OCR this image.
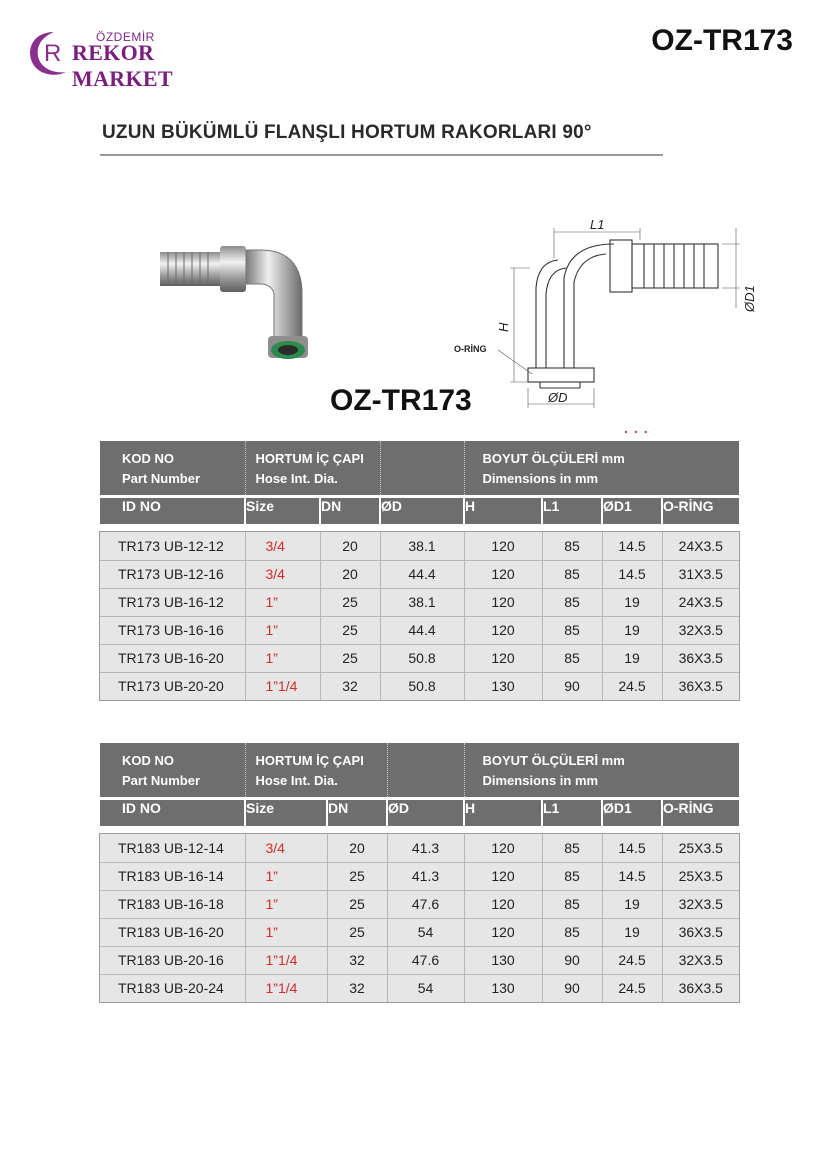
R
ÖZDEMİR
REKOR MARKET
OZ-TR173
UZUN BÜKÜMLÜ FLANŞLI HORTUM RAKORLARI 90°
L1
H
ØD1
ØD
O-RİNG
OZ-TR173
...
KOD NO
Part Number	HORTUM İÇ ÇAPI
Hose Int. Dia.			BOYUT ÖLÇÜLERİ mm
Dimensions in mm			

ID NO	Size	DN	ØD	H	L1	ØD1	O-RİNG

TR173 UB-12-12	3/4	20	38.1	120	85	14.5	24X3.5
TR173 UB-12-16	3/4	20	44.4	120	85	14.5	31X3.5
TR173 UB-16-12	1”	25	38.1	120	85	19	24X3.5
TR173 UB-16-16	1”	25	44.4	120	85	19	32X3.5
TR173 UB-16-20	1”	25	50.8	120	85	19	36X3.5
TR173 UB-20-20	1”1/4	32	50.8	130	90	24.5	36X3.5
KOD NO
Part Number	HORTUM İÇ ÇAPI
Hose Int. Dia.			BOYUT ÖLÇÜLERİ mm
Dimensions in mm			

ID NO	Size	DN	ØD	H	L1	ØD1	O-RİNG

TR183 UB-12-14	3/4	20	41.3	120	85	14.5	25X3.5
TR183 UB-16-14	1”	25	41.3	120	85	14.5	25X3.5
TR183 UB-16-18	1”	25	47.6	120	85	19	32X3.5
TR183 UB-16-20	1”	25	54	120	85	19	36X3.5
TR183 UB-20-16	1”1/4	32	47.6	130	90	24.5	32X3.5
TR183 UB-20-24	1”1/4	32	54	130	90	24.5	36X3.5
